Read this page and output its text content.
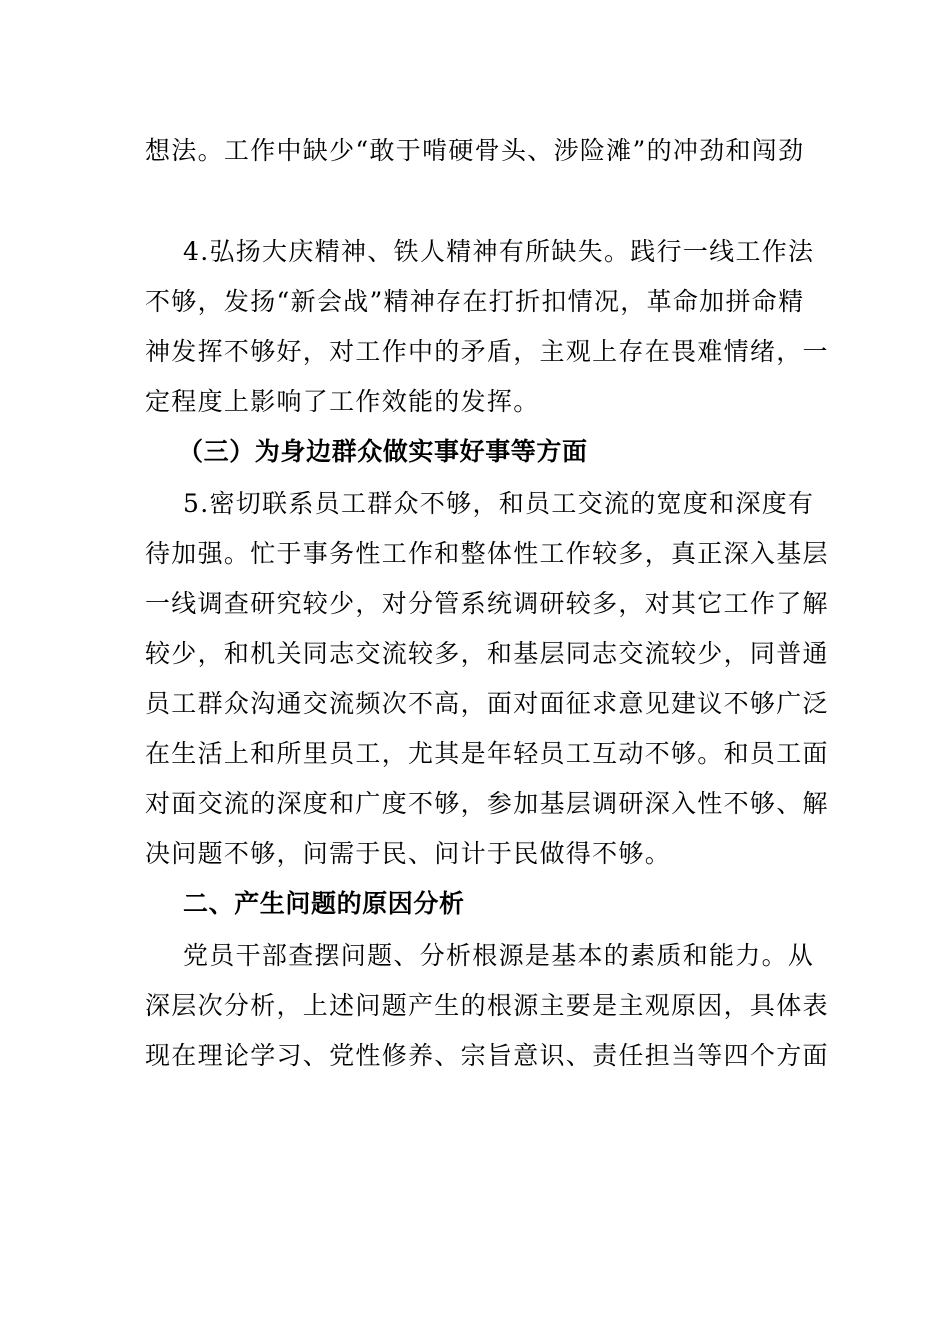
想法。工作中缺少“敢于啃硬骨头、涉险滩”的冲劲和闯劲
4.弘扬大庆精神、铁人精神有所缺失。践行一线工作法
不够，发扬“新会战”精神存在打折扣情况，革命加拼命精
神发挥不够好，对工作中的矛盾，主观上存在畏难情绪，一
定程度上影响了工作效能的发挥。
（三）为身边群众做实事好事等方面
5.密切联系员工群众不够，和员工交流的宽度和深度有
待加强。忙于事务性工作和整体性工作较多，真正深入基层
一线调查研究较少，对分管系统调研较多，对其它工作了解
较少，和机关同志交流较多，和基层同志交流较少，同普通
员工群众沟通交流频次不高，面对面征求意见建议不够广泛
在生活上和所里员工，尤其是年轻员工互动不够。和员工面
对面交流的深度和广度不够，参加基层调研深入性不够、解
决问题不够，问需于民、问计于民做得不够。
二、产生问题的原因分析
党员干部查摆问题、分析根源是基本的素质和能力。从
深层次分析，上述问题产生的根源主要是主观原因，具体表
现在理论学习、党性修养、宗旨意识、责任担当等四个方面
